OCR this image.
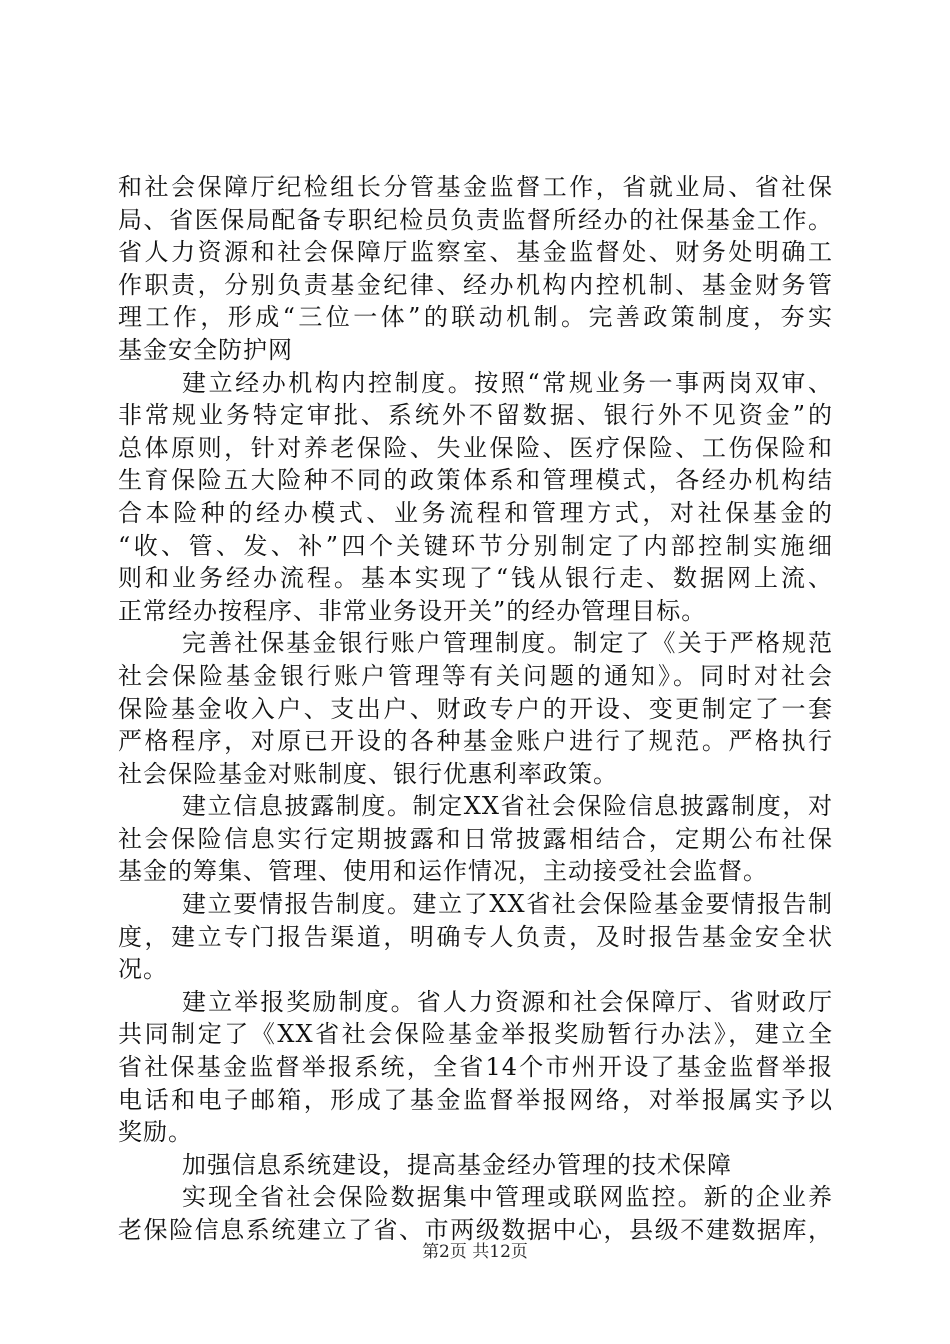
和社会保障厅纪检组长分管基金监督工作，省就业局、省社保
局、省医保局配备专职纪检员负责监督所经办的社保基金工作。
省人力资源和社会保障厅监察室、基金监督处、财务处明确工
作职责，分别负责基金纪律、经办机构内控机制、基金财务管
理工作，形成“三位一体”的联动机制。完善政策制度，夯实
基金安全防护网
建立经办机构内控制度。按照“常规业务一事两岗双审、
非常规业务特定审批、系统外不留数据、银行外不见资金”的
总体原则，针对养老保险、失业保险、医疗保险、工伤保险和
生育保险五大险种不同的政策体系和管理模式，各经办机构结
合本险种的经办模式、业务流程和管理方式，对社保基金的
“收、管、发、补”四个关键环节分别制定了内部控制实施细
则和业务经办流程。基本实现了“钱从银行走、数据网上流、
正常经办按程序、非常业务设开关”的经办管理目标。
完善社保基金银行账户管理制度。制定了《关于严格规范
社会保险基金银行账户管理等有关问题的通知》。同时对社会
保险基金收入户、支出户、财政专户的开设、变更制定了一套
严格程序，对原已开设的各种基金账户进行了规范。严格执行
社会保险基金对账制度、银行优惠利率政策。
建立信息披露制度。制定XX省社会保险信息披露制度，对
社会保险信息实行定期披露和日常披露相结合，定期公布社保
基金的筹集、管理、使用和运作情况，主动接受社会监督。
建立要情报告制度。建立了XX省社会保险基金要情报告制
度，建立专门报告渠道，明确专人负责，及时报告基金安全状
况。
建立举报奖励制度。省人力资源和社会保障厅、省财政厅
共同制定了《XX省社会保险基金举报奖励暂行办法》，建立全
省社保基金监督举报系统，全省14个市州开设了基金监督举报
电话和电子邮箱，形成了基金监督举报网络，对举报属实予以
奖励。
加强信息系统建设，提高基金经办管理的技术保障
实现全省社会保险数据集中管理或联网监控。新的企业养
老保险信息系统建立了省、市两级数据中心，县级不建数据库，
第2页 共12页
